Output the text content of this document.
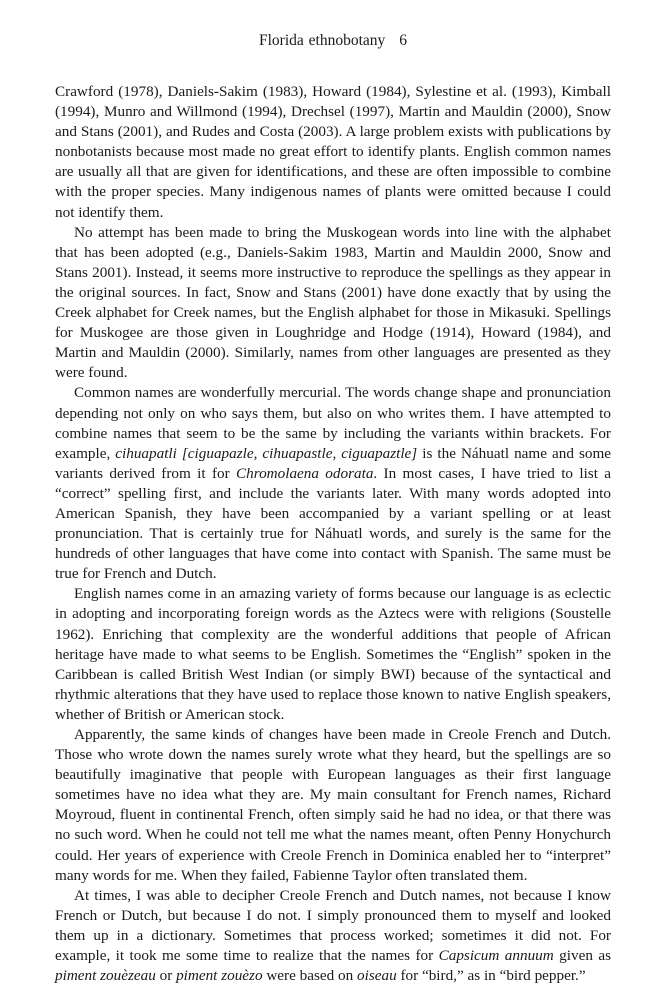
Florida ethnobotany 6

Crawford (1978), Daniels-Sakim (1983), Howard (1984), Sylestine et al. (1993), Kimball (1994), Munro and Willmond (1994), Drechsel (1997), Martin and Mauldin (2000), Snow and Stans (2001), and Rudes and Costa (2003). A large problem exists with publications by nonbotanists because most made no great effort to identify plants. English common names are usually all that are given for identifications, and these are often impossible to combine with the proper species. Many indigenous names of plants were omitted because I could not identify them.

No attempt has been made to bring the Muskogean words into line with the alphabet that has been adopted (e.g., Daniels-Sakim 1983, Martin and Mauldin 2000, Snow and Stans 2001). Instead, it seems more instructive to reproduce the spellings as they appear in the original sources. In fact, Snow and Stans (2001) have done exactly that by using the Creek alphabet for Creek names, but the English alphabet for those in Mikasuki. Spellings for Muskogee are those given in Loughridge and Hodge (1914), Howard (1984), and Martin and Mauldin (2000). Similarly, names from other languages are presented as they were found.

Common names are wonderfully mercurial. The words change shape and pronunciation depending not only on who says them, but also on who writes them. I have attempted to combine names that seem to be the same by including the variants within brackets. For example, cihuapatli [ciguapazle, cihuapastle, ciguapaztle] is the Náhuatl name and some variants derived from it for Chromolaena odorata. In most cases, I have tried to list a “correct” spelling first, and include the variants later. With many words adopted into American Spanish, they have been accompanied by a variant spelling or at least pronunciation. That is certainly true for Náhuatl words, and surely is the same for the hundreds of other languages that have come into contact with Spanish. The same must be true for French and Dutch.

English names come in an amazing variety of forms because our language is as eclectic in adopting and incorporating foreign words as the Aztecs were with religions (Soustelle 1962). Enriching that complexity are the wonderful additions that people of African heritage have made to what seems to be English. Sometimes the “English” spoken in the Caribbean is called British West Indian (or simply BWI) because of the syntactical and rhythmic alterations that they have used to replace those known to native English speakers, whether of British or American stock.

Apparently, the same kinds of changes have been made in Creole French and Dutch. Those who wrote down the names surely wrote what they heard, but the spellings are so beautifully imaginative that people with European languages as their first language sometimes have no idea what they are. My main consultant for French names, Richard Moyroud, fluent in continental French, often simply said he had no idea, or that there was no such word. When he could not tell me what the names meant, often Penny Honychurch could. Her years of experience with Creole French in Dominica enabled her to “interpret” many words for me. When they failed, Fabienne Taylor often translated them.

At times, I was able to decipher Creole French and Dutch names, not because I know French or Dutch, but because I do not. I simply pronounced them to myself and looked them up in a dictionary. Sometimes that process worked; sometimes it did not. For example, it took me some time to realize that the names for Capsicum annuum given as piment zouèzeau or piment zouèzo were based on oiseau for “bird,” as in “bird pepper.”
